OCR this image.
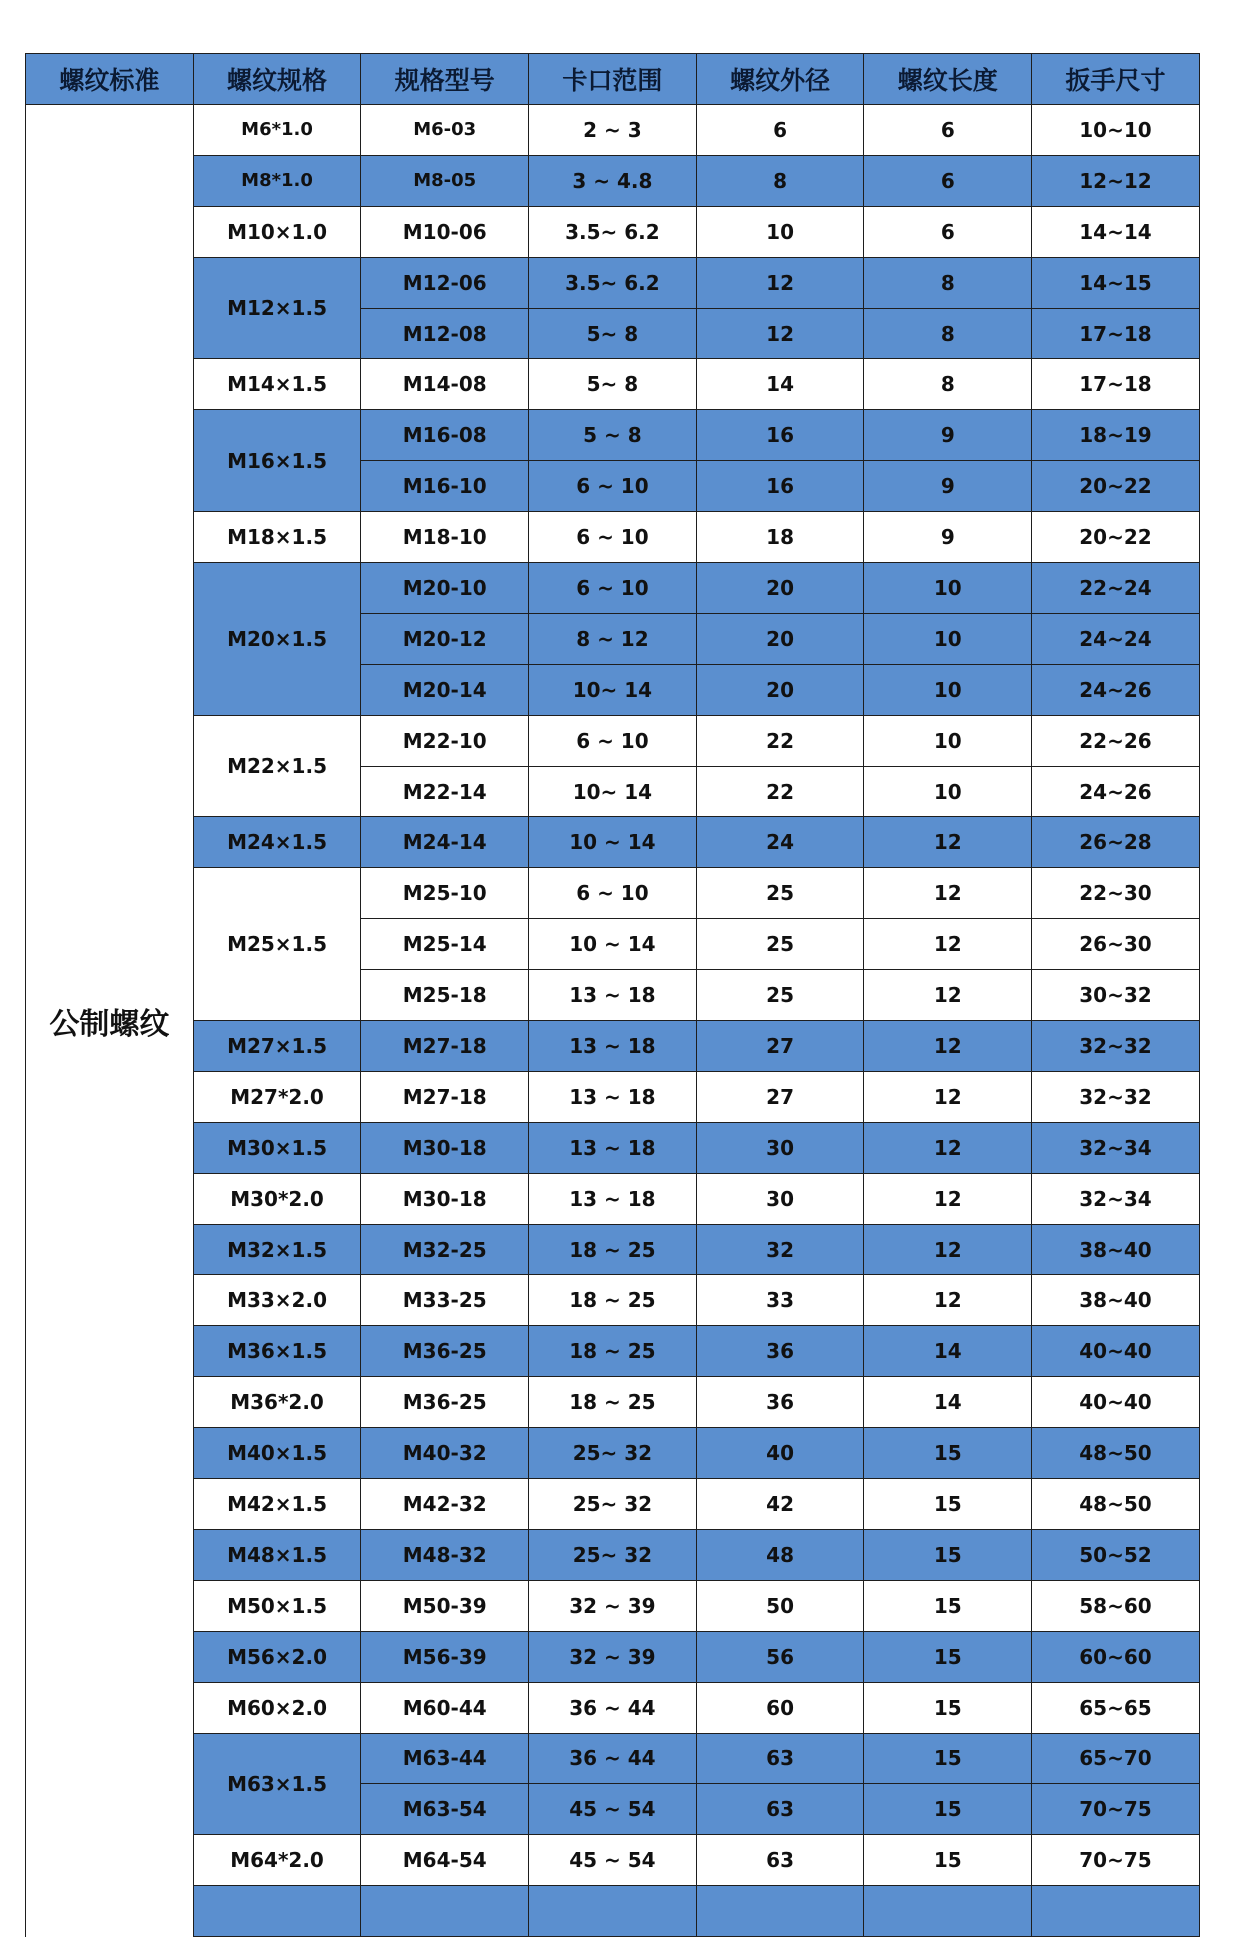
螺纹标准	螺纹规格	规格型号	卡口范围	螺纹外径	螺纹长度	扳手尺寸
公制螺纹	M6*1.0	M6-03	2 ~ 3	6	6	10~10
	M8*1.0	M8-05	3 ~ 4.8	8	6	12~12
	M10×1.0	M10-06	3.5~ 6.2	10	6	14~14
	M12×1.5	M12-06	3.5~ 6.2	12	8	14~15
		M12-08	5~ 8	12	8	17~18
	M14×1.5	M14-08	5~ 8	14	8	17~18
	M16×1.5	M16-08	5 ~ 8	16	9	18~19
		M16-10	6 ~ 10	16	9	20~22
	M18×1.5	M18-10	6 ~ 10	18	9	20~22
	M20×1.5	M20-10	6 ~ 10	20	10	22~24
		M20-12	8 ~ 12	20	10	24~24
		M20-14	10~ 14	20	10	24~26
	M22×1.5	M22-10	6 ~ 10	22	10	22~26
		M22-14	10~ 14	22	10	24~26
	M24×1.5	M24-14	10 ~ 14	24	12	26~28
	M25×1.5	M25-10	6 ~ 10	25	12	22~30
		M25-14	10 ~ 14	25	12	26~30
		M25-18	13 ~ 18	25	12	30~32
	M27×1.5	M27-18	13 ~ 18	27	12	32~32
	M27*2.0	M27-18	13 ~ 18	27	12	32~32
	M30×1.5	M30-18	13 ~ 18	30	12	32~34
	M30*2.0	M30-18	13 ~ 18	30	12	32~34
	M32×1.5	M32-25	18 ~ 25	32	12	38~40
	M33×2.0	M33-25	18 ~ 25	33	12	38~40
	M36×1.5	M36-25	18 ~ 25	36	14	40~40
	M36*2.0	M36-25	18 ~ 25	36	14	40~40
	M40×1.5	M40-32	25~ 32	40	15	48~50
	M42×1.5	M42-32	25~ 32	42	15	48~50
	M48×1.5	M48-32	25~ 32	48	15	50~52
	M50×1.5	M50-39	32 ~ 39	50	15	58~60
	M56×2.0	M56-39	32 ~ 39	56	15	60~60
	M60×2.0	M60-44	36 ~ 44	60	15	65~65
	M63×1.5	M63-44	36 ~ 44	63	15	65~70
		M63-54	45 ~ 54	63	15	70~75
	M64*2.0	M64-54	45 ~ 54	63	15	70~75
